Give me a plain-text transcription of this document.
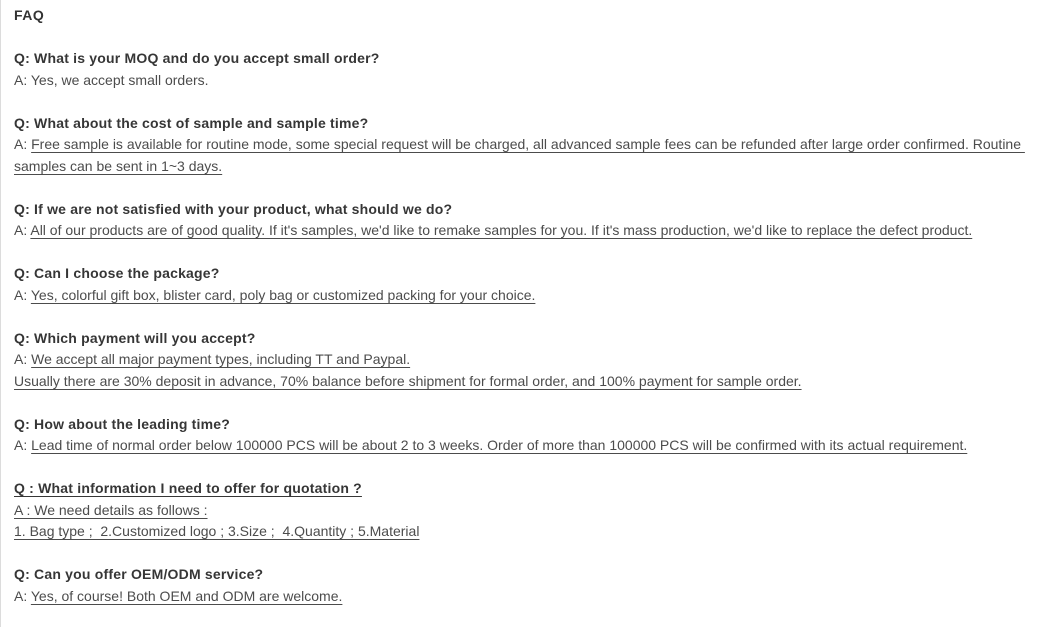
FAQ

Q: What is your MOQ and do you accept small order?

A: Yes, we accept small orders.

Q: What about the cost of sample and sample time?

A: Free sample is available for routine mode, some special request will be charged, all advanced sample fees can be refunded after large order confirmed. Routine samples can be sent in 1~3 days.

Q: If we are not satisfied with your product, what should we do?

A: All of our products are of good quality. If it's samples, we'd like to remake samples for you. If it's mass production, we'd like to replace the defect product.

Q: Can I choose the package?

A: Yes, colorful gift box, blister card, poly bag or customized packing for your choice.

Q: Which payment will you accept?

A: We accept all major payment types, including TT and Paypal.

Usually there are 30% deposit in advance, 70% balance before shipment for formal order, and 100% payment for sample order.

Q: How about the leading time?

A: Lead time of normal order below 100000 PCS will be about 2 to 3 weeks. Order of more than 100000 PCS will be confirmed with its actual requirement.

Q : What information I need to offer for quotation ?

A : We need details as follows :

1. Bag type ;  2.Customized logo ; 3.Size ;  4.Quantity ; 5.Material

Q: Can you offer OEM/ODM service?

A: Yes, of course! Both OEM and ODM are welcome.
